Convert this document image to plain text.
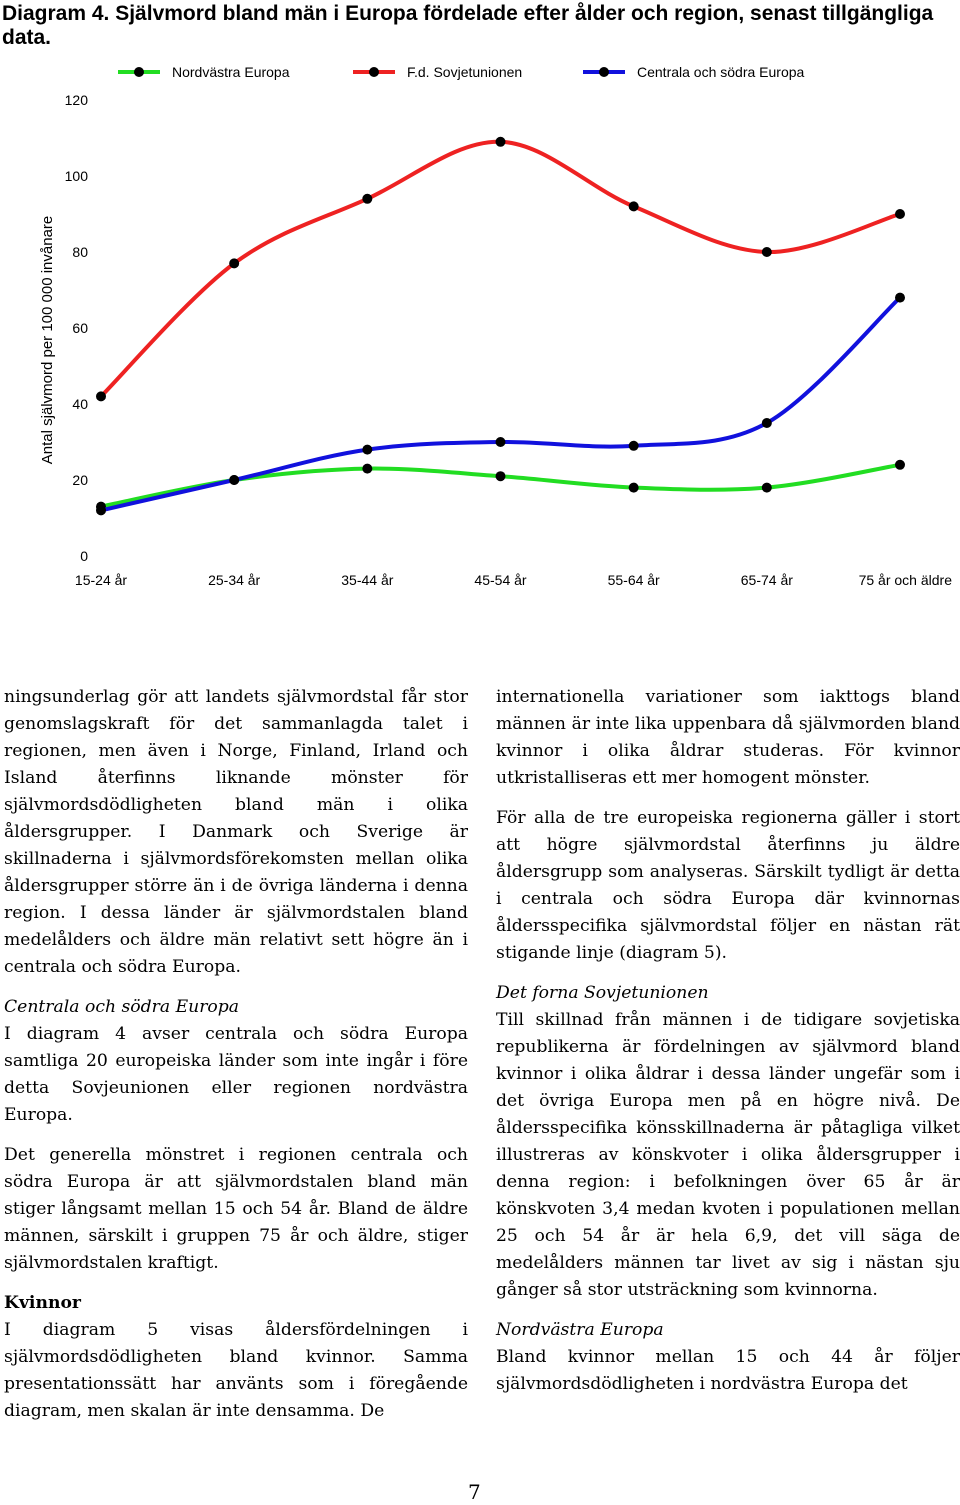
Diagram 4. Självmord bland män i Europa fördelade efter ålder och region, senast tillgängliga data.
Antal självmord per 100 000 invånare
0
20
40
60
80
100
120
15-24 år	25-34 år	35-44 år	45-54 år	55-64 år	65-74 år	75 år och äldre
Nordvästra Europa	F.d. Sovjetunionen	Centrala och södra Europa

ningsunderlag gör att landets självmordstal får stor genomslagskraft för det sammanlagda talet i regionen, men även i Norge, Finland, Irland och Island återfinns liknande mönster för självmordsdödligheten bland män i olika åldersgrupper. I Danmark och Sverige är skillnaderna i självmordsförekomsten mellan olika åldersgrupper större än i de övriga länderna i denna region. I dessa länder är självmordstalen bland medelålders och äldre män relativt sett högre än i centrala och södra Europa.

Centrala och södra Europa

I diagram 4 avser centrala och södra Europa samtliga 20 europeiska länder som inte ingår i före detta Sovjeunionen eller regionen nordvästra Europa.

Det generella mönstret i regionen centrala och södra Europa är att självmordstalen bland män stiger långsamt mellan 15 och 54 år. Bland de äldre männen, särskilt i gruppen 75 år och äldre, stiger självmordstalen kraftigt.

Kvinnor

I diagram 5 visas åldersfördelningen i självmordsdödligheten bland kvinnor. Samma presentationssätt har använts som i föregående diagram, men skalan är inte densamma. De

internationella variationer som iakttogs bland männen är inte lika uppenbara då självmorden bland kvinnor i olika åldrar studeras. För kvinnor utkristalliseras ett mer homogent mönster.

För alla de tre europeiska regionerna gäller i stort att högre självmordstal återfinns ju äldre åldersgrupp som analyseras. Särskilt tydligt är detta i centrala och södra Europa där kvinnornas åldersspecifika självmordstal följer en nästan rät stigande linje (diagram 5).

Det forna Sovjetunionen

Till skillnad från männen i de tidigare sovjetiska republikerna är fördelningen av självmord bland kvinnor i olika åldrar i dessa länder ungefär som i det övriga Europa men på en högre nivå. De åldersspecifika könsskillnaderna är påtagliga vilket illustreras av könskvoter i olika åldersgrupper i denna region: i befolkningen över 65 år är könskvoten 3,4 medan kvoten i populationen mellan 25 och 54 år är hela 6,9, det vill säga de medelålders männen tar livet av sig i nästan sju gånger så stor utsträckning som kvinnorna.

Nordvästra Europa

Bland kvinnor mellan 15 och 44 år följer självmordsdödligheten i nordvästra Europa det

7
